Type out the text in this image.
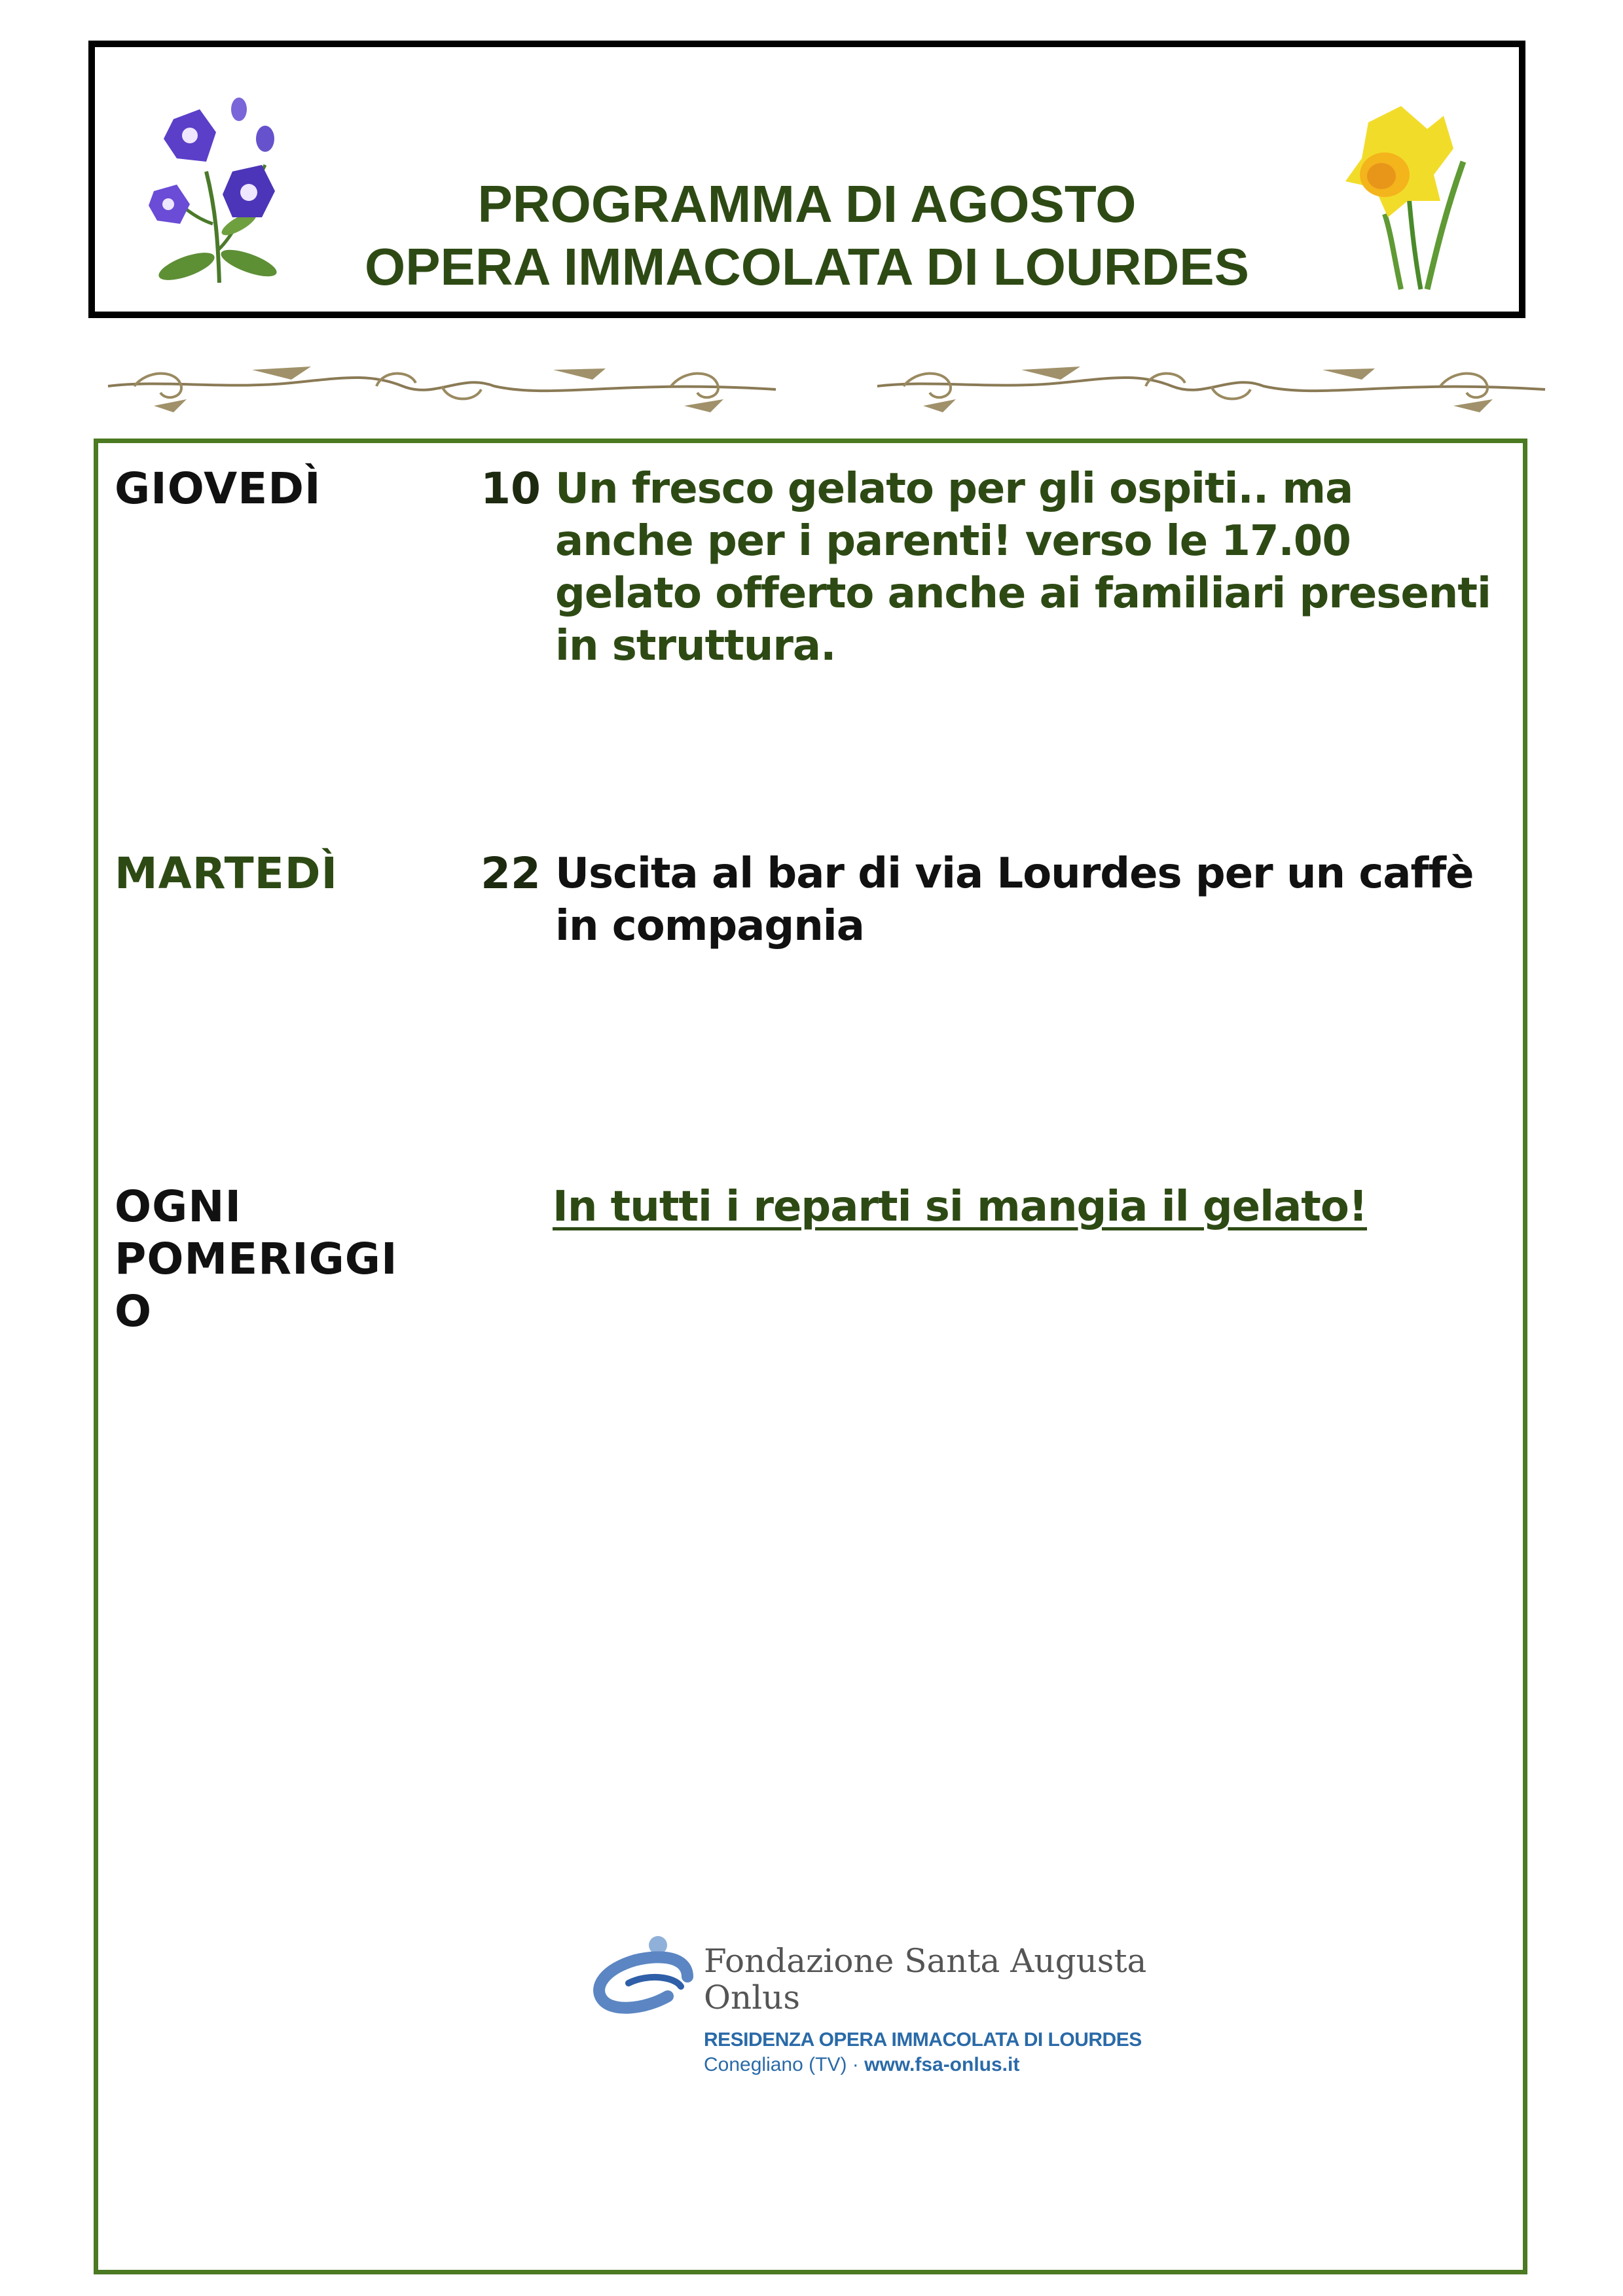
PROGRAMMA DI AGOSTO
OPERA IMMACOLATA DI LOURDES
GIOVEDÌ	10 Un fresco gelato per gli ospiti.. ma anche per i parenti! verso le 17.00 gelato offerto anche ai familiari presenti in struttura.
MARTEDÌ	22 Uscita al bar di via Lourdes per un caffè in compagnia
OGNI
POMERIGGI
O
In tutti i reparti si mangia il gelato!
Fondazione Santa Augusta
Onlus
RESIDENZA OPERA IMMACOLATA DI LOURDES
Conegliano (TV) · www.fsa-onlus.it
